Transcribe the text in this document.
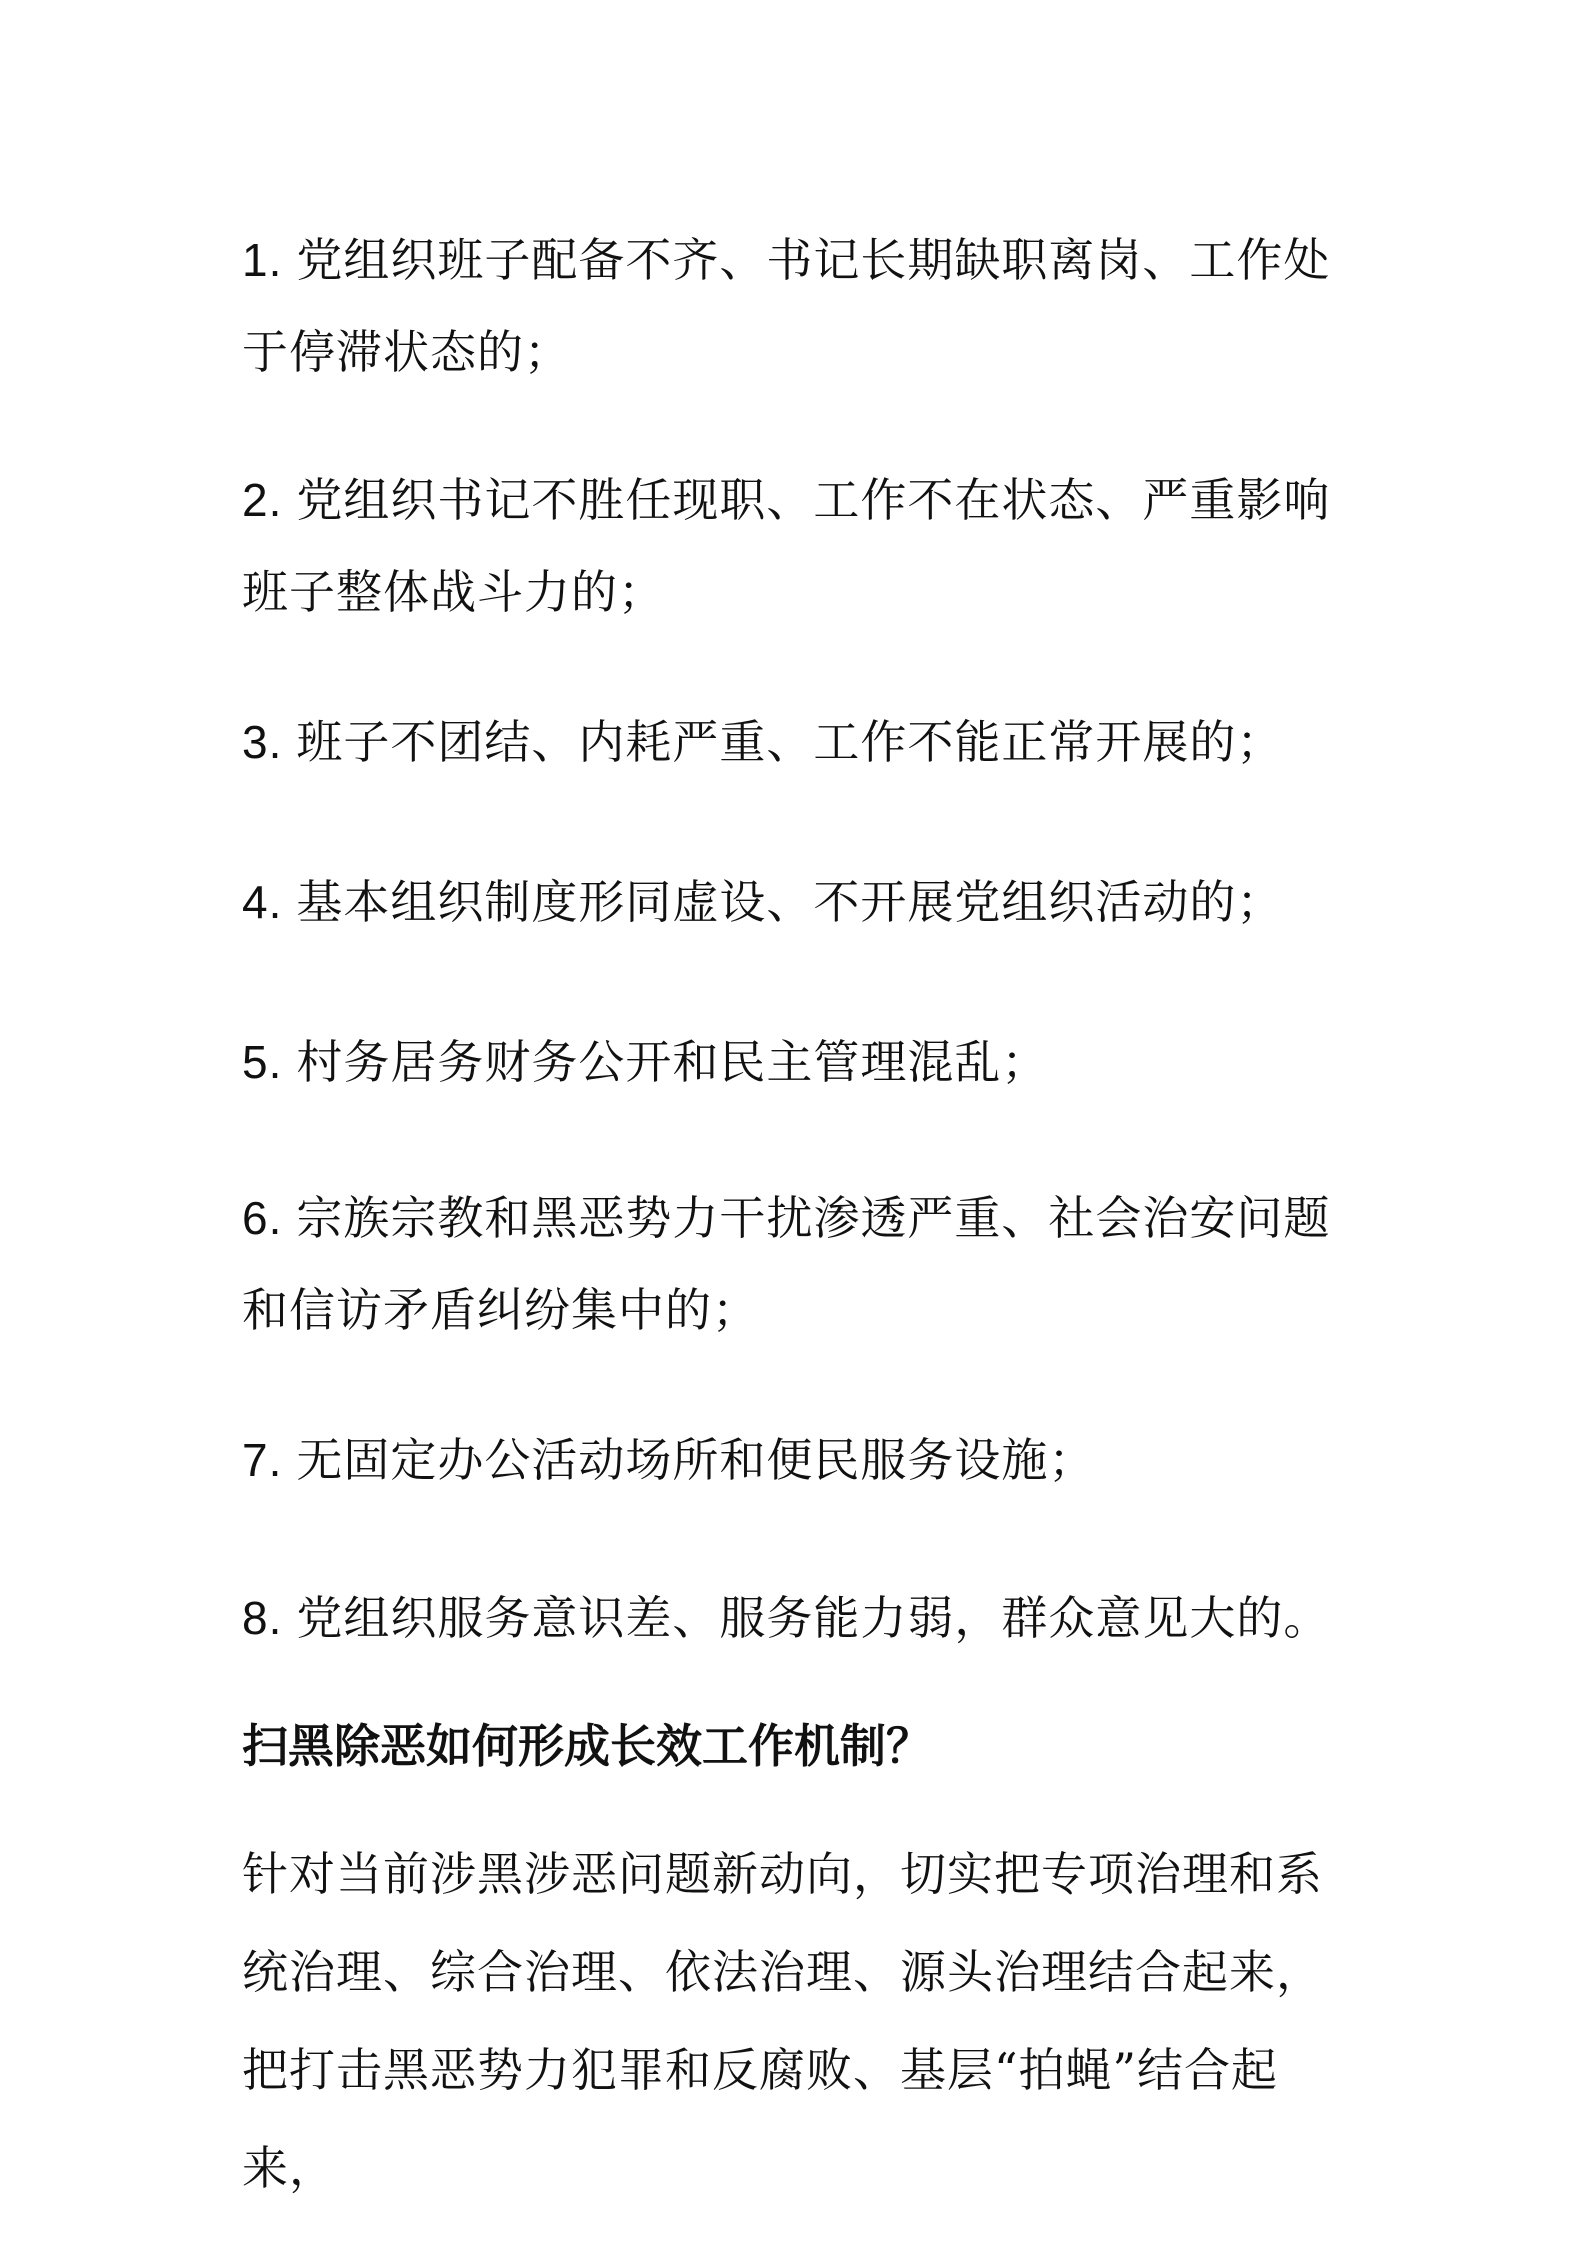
1. 党组织班子配备不齐、书记长期缺职离岗、工作处于停滞状态的；

2. 党组织书记不胜任现职、工作不在状态、严重影响班子整体战斗力的；

3. 班子不团结、内耗严重、工作不能正常开展的；

4. 基本组织制度形同虚设、不开展党组织活动的；

5. 村务居务财务公开和民主管理混乱；

6. 宗族宗教和黑恶势力干扰渗透严重、社会治安问题和信访矛盾纠纷集中的；

7. 无固定办公活动场所和便民服务设施；

8. 党组织服务意识差、服务能力弱，群众意见大的。

扫黑除恶如何形成长效工作机制？

针对当前涉黑涉恶问题新动向，切实把专项治理和系统治理、综合治理、依法治理、源头治理结合起来，把打击黑恶势力犯罪和反腐败、基层“拍蝇”结合起来，
